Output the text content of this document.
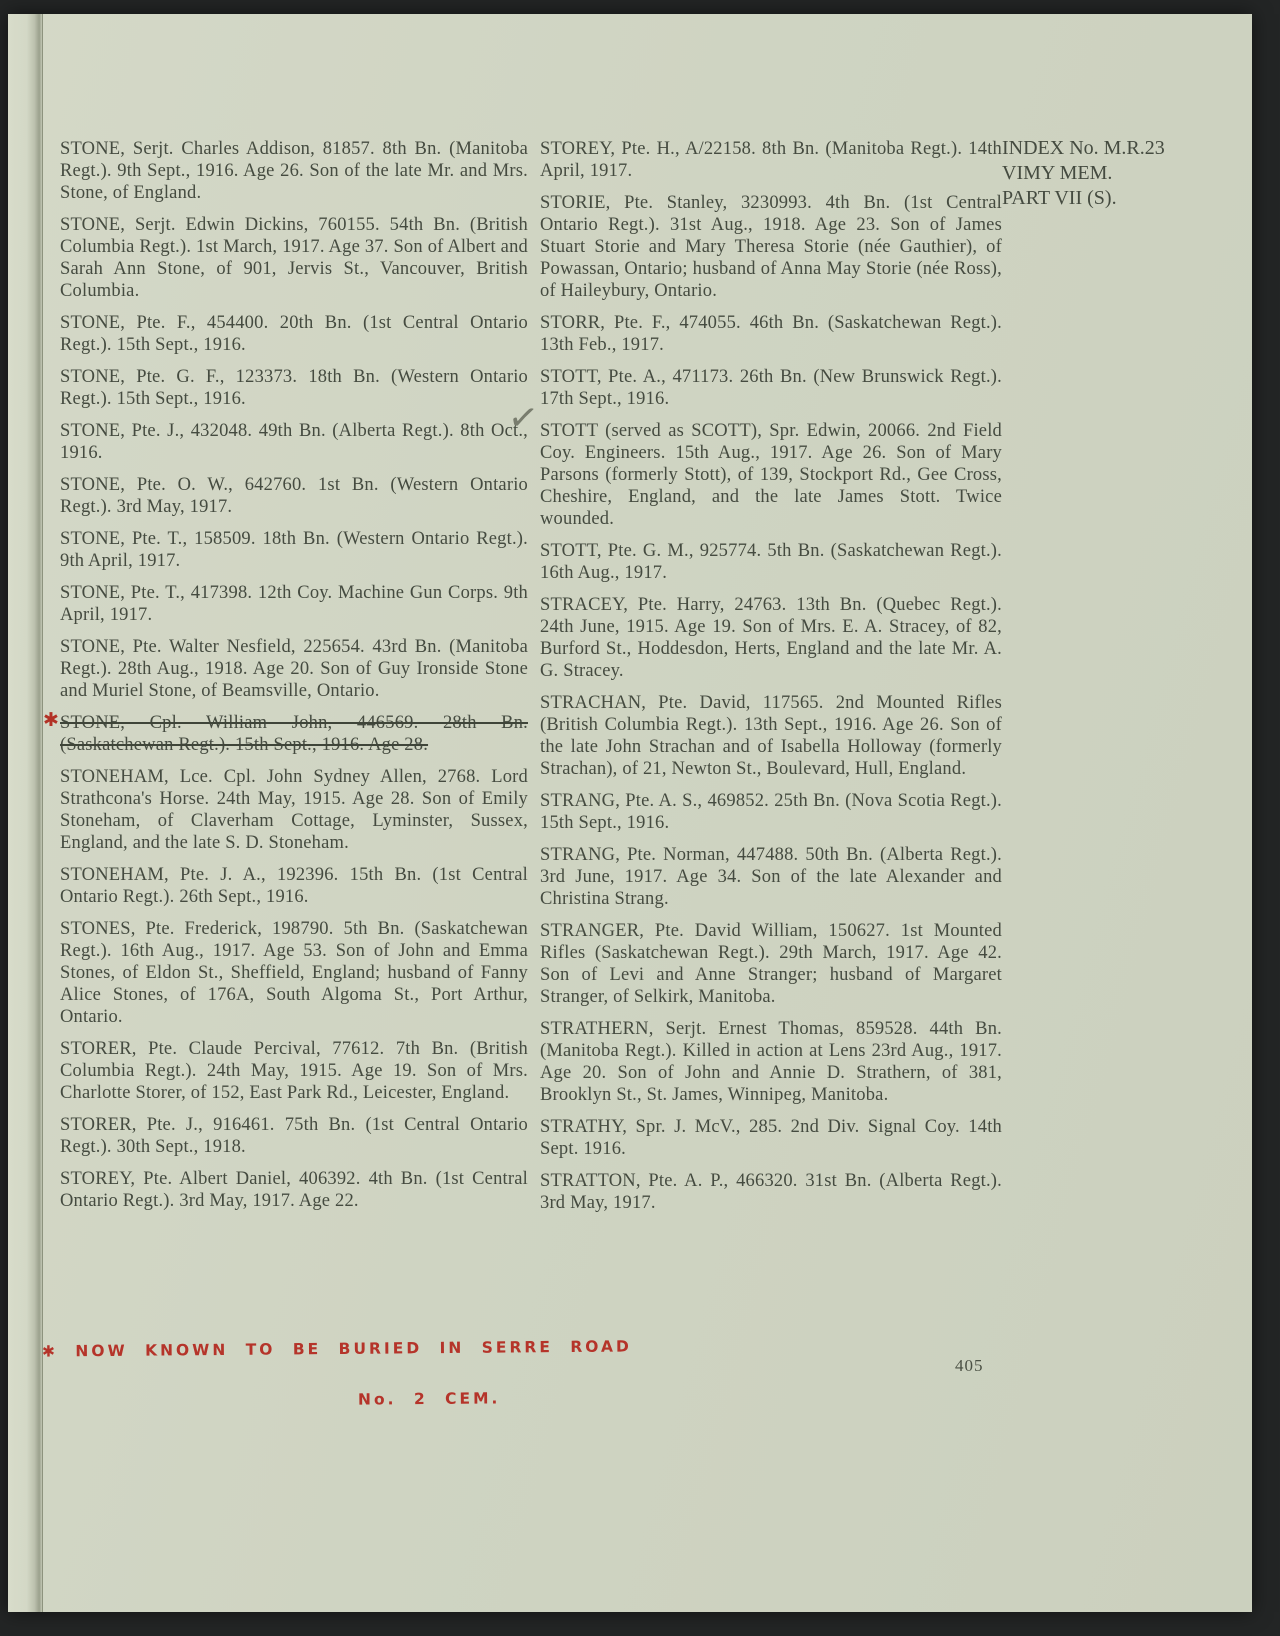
INDEX No. M.R.23
VIMY MEM.
PART VII (S).

STONE, Serjt. Charles Addison, 81857. 8th Bn. (Manitoba Regt.). 9th Sept., 1916. Age 26. Son of the late Mr. and Mrs. Stone, of England.

STONE, Serjt. Edwin Dickins, 760155. 54th Bn. (British Columbia Regt.). 1st March, 1917. Age 37. Son of Albert and Sarah Ann Stone, of 901, Jervis St., Vancouver, British Columbia.

STONE, Pte. F., 454400. 20th Bn. (1st Central Ontario Regt.). 15th Sept., 1916.

STONE, Pte. G. F., 123373. 18th Bn. (Western Ontario Regt.). 15th Sept., 1916.

STONE, Pte. J., 432048. 49th Bn. (Alberta Regt.). 8th Oct., 1916.

STONE, Pte. O. W., 642760. 1st Bn. (Western Ontario Regt.). 3rd May, 1917.

STONE, Pte. T., 158509. 18th Bn. (Western Ontario Regt.). 9th April, 1917.

STONE, Pte. T., 417398. 12th Coy. Machine Gun Corps. 9th April, 1917.

STONE, Pte. Walter Nesfield, 225654. 43rd Bn. (Manitoba Regt.). 28th Aug., 1918. Age 20. Son of Guy Ironside Stone and Muriel Stone, of Beamsville, Ontario.

✱ STONE, Cpl. William John, 446569. 28th Bn. (Saskatchewan Regt.). 15th Sept., 1916. Age 28.

STONEHAM, Lce. Cpl. John Sydney Allen, 2768. Lord Strathcona's Horse. 24th May, 1915. Age 28. Son of Emily Stoneham, of Claverham Cottage, Lyminster, Sussex, England, and the late S. D. Stoneham.

STONEHAM, Pte. J. A., 192396. 15th Bn. (1st Central Ontario Regt.). 26th Sept., 1916.

STONES, Pte. Frederick, 198790. 5th Bn. (Saskatchewan Regt.). 16th Aug., 1917. Age 53. Son of John and Emma Stones, of Eldon St., Sheffield, England; husband of Fanny Alice Stones, of 176A, South Algoma St., Port Arthur, Ontario.

STORER, Pte. Claude Percival, 77612. 7th Bn. (British Columbia Regt.). 24th May, 1915. Age 19. Son of Mrs. Charlotte Storer, of 152, East Park Rd., Leicester, England.

STORER, Pte. J., 916461. 75th Bn. (1st Central Ontario Regt.). 30th Sept., 1918.

STOREY, Pte. Albert Daniel, 406392. 4th Bn. (1st Central Ontario Regt.). 3rd May, 1917. Age 22.

STOREY, Pte. H., A/22158. 8th Bn. (Manitoba Regt.). 14th April, 1917.

STORIE, Pte. Stanley, 3230993. 4th Bn. (1st Central Ontario Regt.). 31st Aug., 1918. Age 23. Son of James Stuart Storie and Mary Theresa Storie (née Gauthier), of Powassan, Ontario; husband of Anna May Storie (née Ross), of Haileybury, Ontario.

STORR, Pte. F., 474055. 46th Bn. (Saskatchewan Regt.). 13th Feb., 1917.

STOTT, Pte. A., 471173. 26th Bn. (New Brunswick Regt.). 17th Sept., 1916.

✓
STOTT (served as SCOTT), Spr. Edwin, 20066. 2nd Field Coy. Engineers. 15th Aug., 1917. Age 26. Son of Mary Parsons (formerly Stott), of 139, Stockport Rd., Gee Cross, Cheshire, England, and the late James Stott. Twice wounded.

STOTT, Pte. G. M., 925774. 5th Bn. (Saskatchewan Regt.). 16th Aug., 1917.

STRACEY, Pte. Harry, 24763. 13th Bn. (Quebec Regt.). 24th June, 1915. Age 19. Son of Mrs. E. A. Stracey, of 82, Burford St., Hoddesdon, Herts, England and the late Mr. A. G. Stracey.

STRACHAN, Pte. David, 117565. 2nd Mounted Rifles (British Columbia Regt.). 13th Sept., 1916. Age 26. Son of the late John Strachan and of Isabella Holloway (formerly Strachan), of 21, Newton St., Boulevard, Hull, England.

STRANG, Pte. A. S., 469852. 25th Bn. (Nova Scotia Regt.). 15th Sept., 1916.

STRANG, Pte. Norman, 447488. 50th Bn. (Alberta Regt.). 3rd June, 1917. Age 34. Son of the late Alexander and Christina Strang.

STRANGER, Pte. David William, 150627. 1st Mounted Rifles (Saskatchewan Regt.). 29th March, 1917. Age 42. Son of Levi and Anne Stranger; husband of Margaret Stranger, of Selkirk, Manitoba.

STRATHERN, Serjt. Ernest Thomas, 859528. 44th Bn. (Manitoba Regt.). Killed in action at Lens 23rd Aug., 1917. Age 20. Son of John and Annie D. Strathern, of 381, Brooklyn St., St. James, Winnipeg, Manitoba.

STRATHY, Spr. J. McV., 285. 2nd Div. Signal Coy. 14th Sept. 1916.

STRATTON, Pte. A. P., 466320. 31st Bn. (Alberta Regt.). 3rd May, 1917.

405
✱ NOW KNOWN TO BE BURIED IN SERRE ROAD
No. 2 CEM.
